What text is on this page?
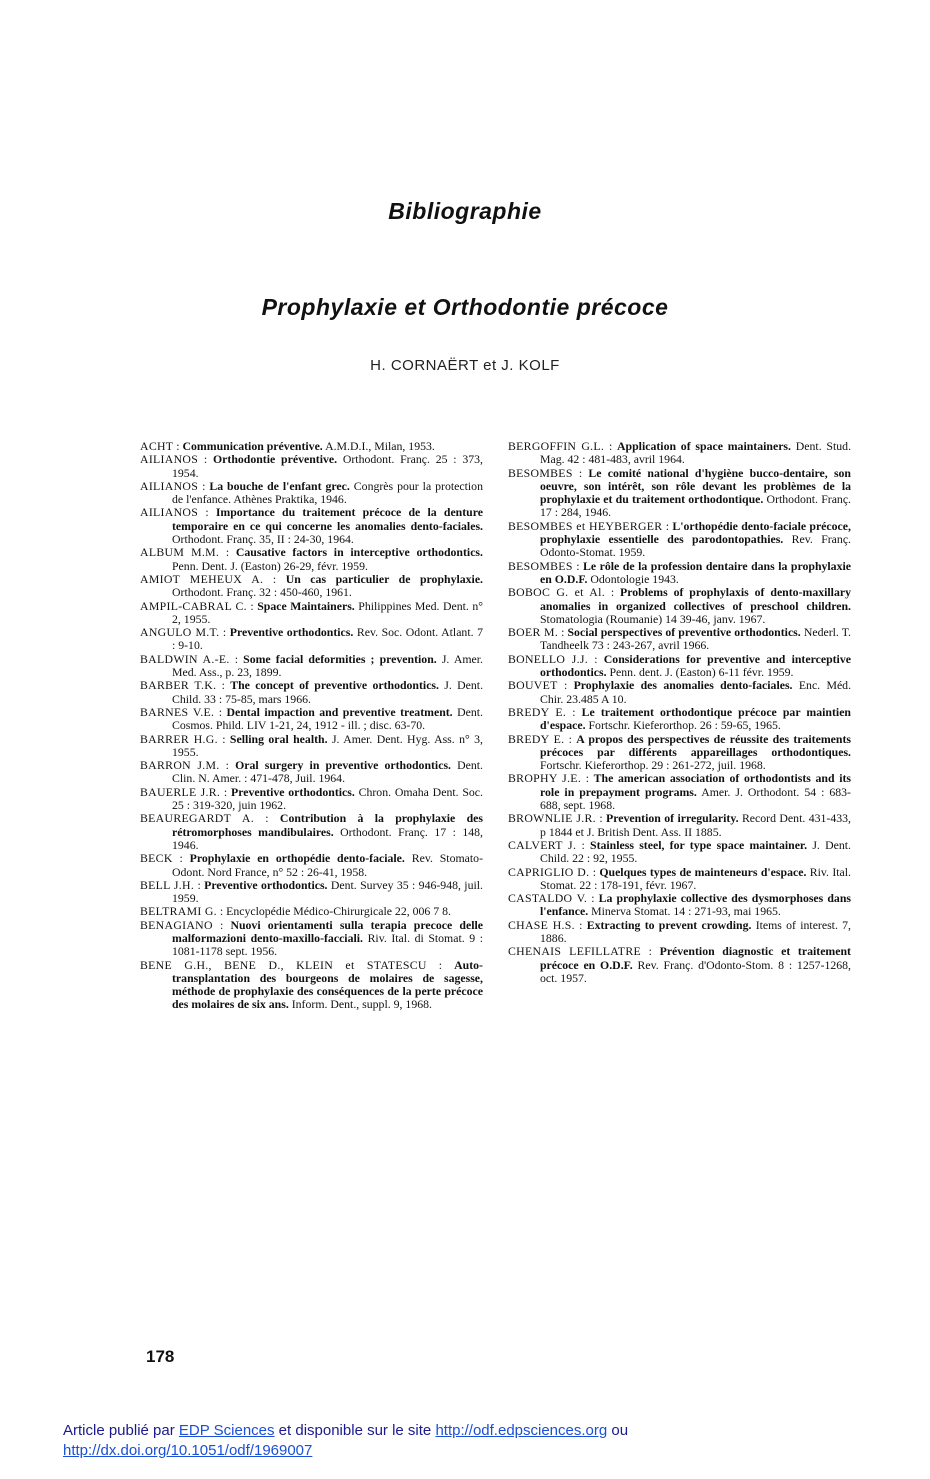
Bibliographie
Prophylaxie et Orthodontie précoce
H. CORNAËRT et J. KOLF

ACHT : Communication préventive. A.M.D.I., Milan, 1953.

AILIANOS : Orthodontie préventive. Orthodont. Franç. 25 : 373, 1954.

AILIANOS : La bouche de l'enfant grec. Congrès pour la protection de l'enfance. Athènes Praktika, 1946.

AILIANOS : Importance du traitement précoce de la denture temporaire en ce qui concerne les anomalies dento-faciales. Orthodont. Franç. 35, II : 24-30, 1964.

ALBUM M.M. : Causative factors in interceptive orthodontics. Penn. Dent. J. (Easton) 26-29, févr. 1959.

AMIOT MEHEUX A. : Un cas particulier de prophylaxie. Orthodont. Franç. 32 : 450-460, 1961.

AMPIL-CABRAL C. : Space Maintainers. Philippines Med. Dent. n° 2, 1955.

ANGULO M.T. : Preventive orthodontics. Rev. Soc. Odont. Atlant. 7 : 9-10.

BALDWIN A.-E. : Some facial deformities ; prevention. J. Amer. Med. Ass., p. 23, 1899.

BARBER T.K. : The concept of preventive orthodontics. J. Dent. Child. 33 : 75-85, mars 1966.

BARNES V.E. : Dental impaction and preventive treatment. Dent. Cosmos. Phild. LIV 1-21, 24, 1912 - ill. ; disc. 63-70.

BARRER H.G. : Selling oral health. J. Amer. Dent. Hyg. Ass. n° 3, 1955.

BARRON J.M. : Oral surgery in preventive orthodontics. Dent. Clin. N. Amer. : 471-478, Juil. 1964.

BAUERLE J.R. : Preventive orthodontics. Chron. Omaha Dent. Soc. 25 : 319-320, juin 1962.

BEAUREGARDT A. : Contribution à la prophylaxie des rétromorphoses mandibulaires. Orthodont. Franç. 17 : 148, 1946.

BECK : Prophylaxie en orthopédie dento-faciale. Rev. Stomato-Odont. Nord France, n° 52 : 26-41, 1958.

BELL J.H. : Preventive orthodontics. Dent. Survey 35 : 946-948, juil. 1959.

BELTRAMI G. : Encyclopédie Médico-Chirurgicale 22, 006 7 8.

BENAGIANO : Nuovi orientamenti sulla terapia precoce delle malformazioni dento-maxillo-facciali. Riv. Ital. di Stomat. 9 : 1081-1178 sept. 1956.

BENE G.H., BENE D., KLEIN et STATESCU : Auto-transplantation des bourgeons de molaires de sagesse, méthode de prophylaxie des conséquences de la perte précoce des molaires de six ans. Inform. Dent., suppl. 9, 1968.

BERGOFFIN G.L. : Application of space maintainers. Dent. Stud. Mag. 42 : 481-483, avril 1964.

BESOMBES : Le comité national d'hygiène bucco-dentaire, son oeuvre, son intérêt, son rôle devant les problèmes de la prophylaxie et du traitement orthodontique. Orthodont. Franç. 17 : 284, 1946.

BESOMBES et HEYBERGER : L'orthopédie dento-faciale précoce, prophylaxie essentielle des parodontopathies. Rev. Franç. Odonto-Stomat. 1959.

BESOMBES : Le rôle de la profession dentaire dans la prophylaxie en O.D.F. Odontologie 1943.

BOBOC G. et Al. : Problems of prophylaxis of dento-maxillary anomalies in organized collectives of preschool children. Stomatologia (Roumanie) 14 39-46, janv. 1967.

BOER M. : Social perspectives of preventive orthodontics. Nederl. T. Tandheelk 73 : 243-267, avril 1966.

BONELLO J.J. : Considerations for preventive and interceptive orthodontics. Penn. dent. J. (Easton) 6-11 févr. 1959.

BOUVET : Prophylaxie des anomalies dento-faciales. Enc. Méd. Chir. 23.485 A 10.

BREDY E. : Le traitement orthodontique précoce par maintien d'espace. Fortschr. Kieferorthop. 26 : 59-65, 1965.

BREDY E. : A propos des perspectives de réussite des traitements précoces par différents appareillages orthodontiques. Fortschr. Kieferorthop. 29 : 261-272, juil. 1968.

BROPHY J.E. : The american association of orthodontists and its role in prepayment programs. Amer. J. Orthodont. 54 : 683-688, sept. 1968.

BROWNLIE J.R. : Prevention of irregularity. Record Dent. 431-433, p 1844 et J. British Dent. Ass. II 1885.

CALVERT J. : Stainless steel, for type space maintainer. J. Dent. Child. 22 : 92, 1955.

CAPRIGLIO D. : Quelques types de mainteneurs d'espace. Riv. Ital. Stomat. 22 : 178-191, févr. 1967.

CASTALDO V. : La prophylaxie collective des dysmorphoses dans l'enfance. Minerva Stomat. 14 : 271-93, mai 1965.

CHASE H.S. : Extracting to prevent crowding. Items of interest. 7, 1886.

CHENAIS LEFILLATRE : Prévention diagnostic et traitement précoce en O.D.F. Rev. Franç. d'Odonto-Stom. 8 : 1257-1268, oct. 1957.

178
Article publié par EDP Sciences et disponible sur le site http://odf.edpsciences.org ou
http://dx.doi.org/10.1051/odf/1969007
